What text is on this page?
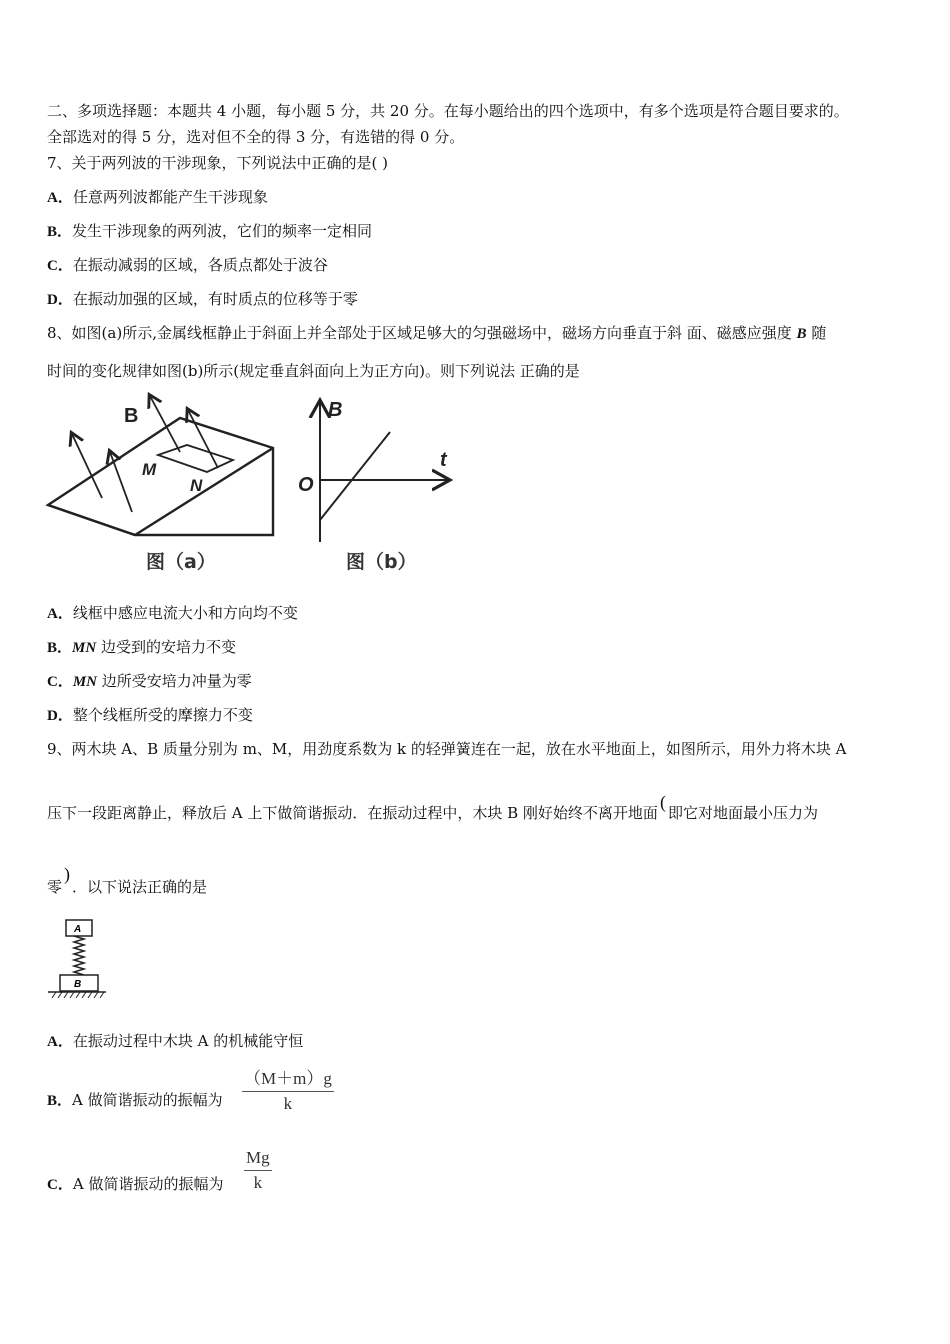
二、多项选择题：本题共 4 小题，每小题 5 分，共 20 分。在每小题给出的四个选项中，有多个选项是符合题目要求的。
全部选对的得 5 分，选对但不全的得 3 分，有选错的得 0 分。
7、关于两列波的干涉现象，下列说法中正确的是( )
A．任意两列波都能产生干涉现象
B．发生干涉现象的两列波，它们的频率一定相同
C．在振动减弱的区域，各质点都处于波谷
D．在振动加强的区域，有时质点的位移等于零
8、如图(a)所示,金属线框静止于斜面上并全部处于区域足够大的匀强磁场中，磁场方向垂直于斜 面、磁感应强度 B 随
时间的变化规律如图(b)所示(规定垂直斜面向上为正方向)。则下列说法 正确的是
B
M
N
图（a）
B
t
O
图（b）
A．线框中感应电流大小和方向均不变
B．MN 边受到的安培力不变
C．MN 边所受安培力冲量为零
D．整个线框所受的摩擦力不变
9、两木块 A、B 质量分别为 m、M，用劲度系数为 k 的轻弹簧连在一起，放在水平地面上，如图所示，用外力将木块 A
压下一段距离静止，释放后 A 上下做简谐振动．在振动过程中，木块 B 刚好始终不离开地面(即它对地面最小压力为
零)．以下说法正确的是
A
B
A．在振动过程中木块 A 的机械能守恒
B．A 做简谐振动的振幅为 $\frac{(M+m)g}{k}$
C．A 做简谐振动的振幅为 $\frac{Mg}{k}$
